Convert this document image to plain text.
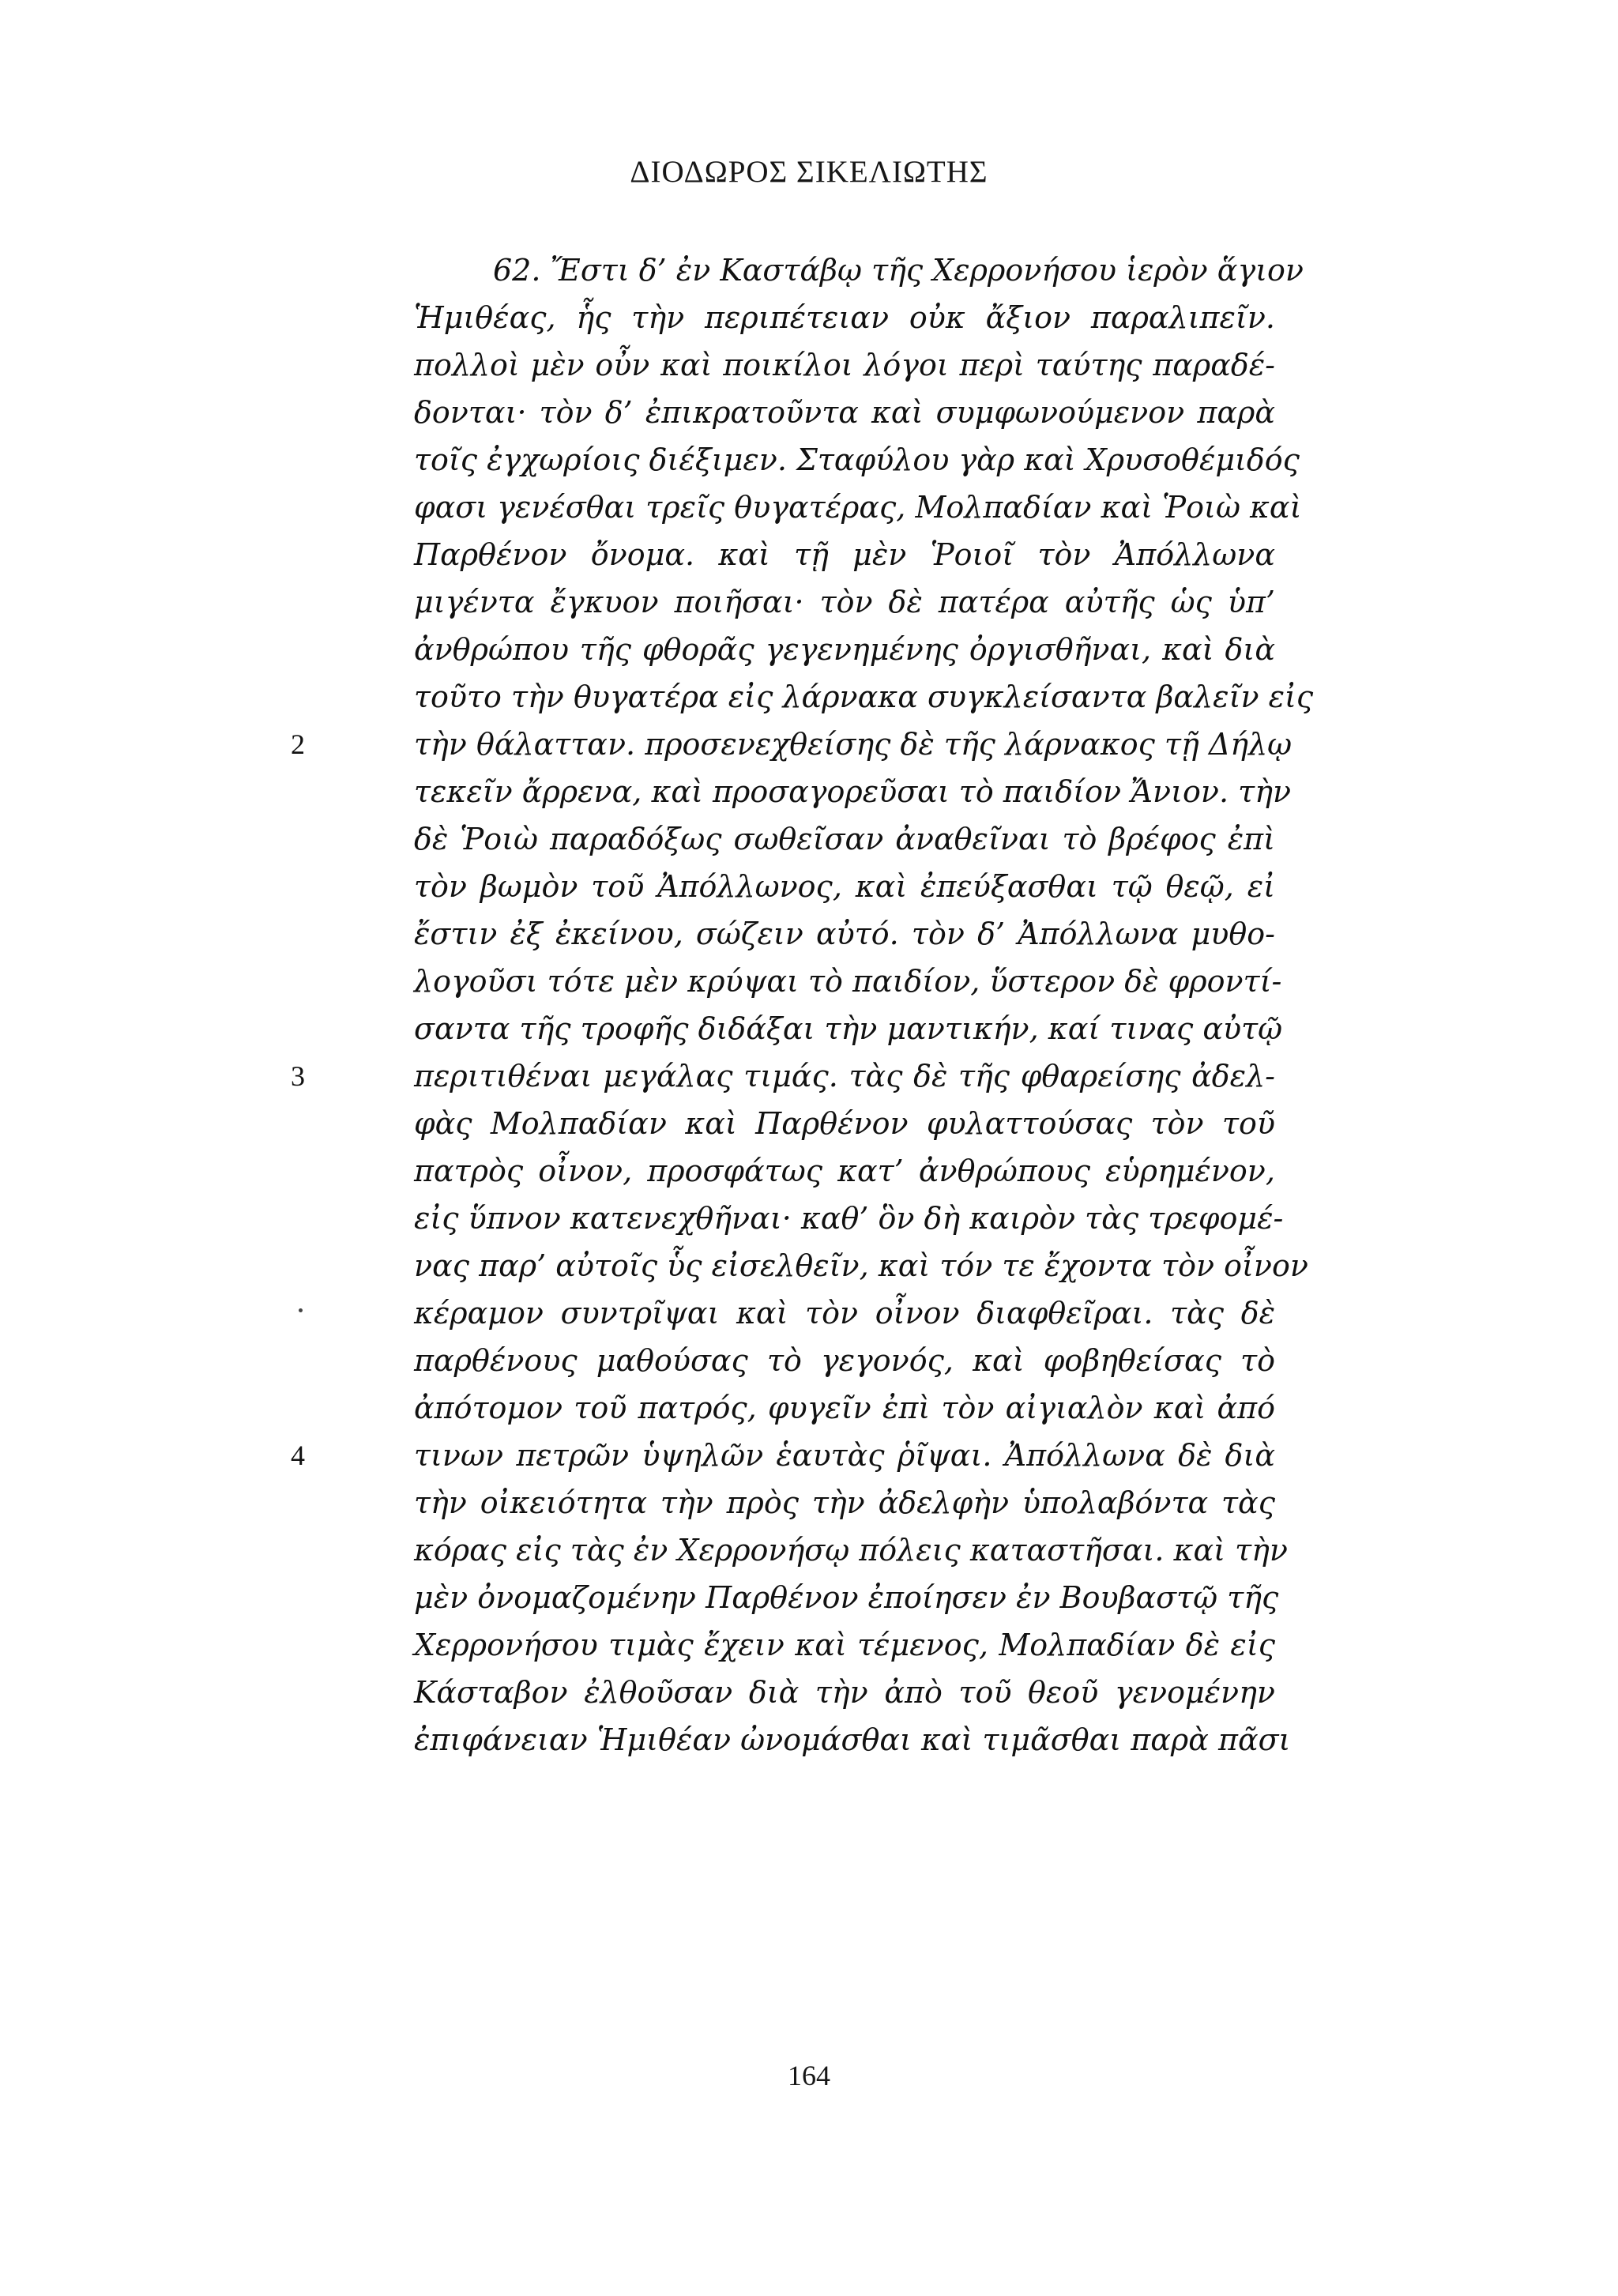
ΔΙΟΔΩΡΟΣ ΣΙΚΕΛΙΩΤΗΣ
62. Ἔστι δ’ ἐν Καστάβῳ τῆς Χερρονήσου ἱερὸν ἅγιον
Ἡμιθέας, ἧς τὴν περιπέτειαν οὐκ ἄξιον παραλιπεῖν.
πολλοὶ μὲν οὖν καὶ ποικίλοι λόγοι περὶ ταύτης παραδέ-
δονται· τὸν δ’ ἐπικρατοῦντα καὶ συμφωνούμενον παρὰ
τοῖς ἐγχωρίοις διέξιμεν. Σταφύλου γὰρ καὶ Χρυσοθέμιδός
φασι γενέσθαι τρεῖς θυγατέρας, Μολπαδίαν καὶ Ῥοιὼ καὶ
Παρθένον ὄνομα. καὶ τῇ μὲν Ῥοιοῖ τὸν Ἀπόλλωνα
μιγέντα ἔγκυον ποιῆσαι· τὸν δὲ πατέρα αὐτῆς ὡς ὑπ’
ἀνθρώπου τῆς φθορᾶς γεγενημένης ὀργισθῆναι, καὶ διὰ
τοῦτο τὴν θυγατέρα εἰς λάρνακα συγκλείσαντα βαλεῖν εἰς
2	τὴν θάλατταν. προσενεχθείσης δὲ τῆς λάρνακος τῇ Δήλῳ
τεκεῖν ἄρρενα, καὶ προσαγορεῦσαι τὸ παιδίον Ἄνιον. τὴν
δὲ Ῥοιὼ παραδόξως σωθεῖσαν ἀναθεῖναι τὸ βρέφος ἐπὶ
τὸν βωμὸν τοῦ Ἀπόλλωνος, καὶ ἐπεύξασθαι τῷ θεῷ, εἰ
ἔστιν ἐξ ἐκείνου, σώζειν αὐτό. τὸν δ’ Ἀπόλλωνα μυθο-
λογοῦσι τότε μὲν κρύψαι τὸ παιδίον, ὕστερον δὲ φροντί-
σαντα τῆς τροφῆς διδάξαι τὴν μαντικήν, καί τινας αὐτῷ
3	περιτιθέναι μεγάλας τιμάς. τὰς δὲ τῆς φθαρείσης ἀδελ-
φὰς Μολπαδίαν καὶ Παρθένον φυλαττούσας τὸν τοῦ
πατρὸς οἶνον, προσφάτως κατ’ ἀνθρώπους εὑρημένον,
εἰς ὕπνον κατενεχθῆναι· καθ’ ὃν δὴ καιρὸν τὰς τρεφομέ-
νας παρ’ αὐτοῖς ὗς εἰσελθεῖν, καὶ τόν τε ἔχοντα τὸν οἶνον
κέραμον συντρῖψαι καὶ τὸν οἶνον διαφθεῖραι. τὰς δὲ
παρθένους μαθούσας τὸ γεγονός, καὶ φοβηθείσας τὸ
ἀπότομον τοῦ πατρός, φυγεῖν ἐπὶ τὸν αἰγιαλὸν καὶ ἀπό
4	τινων πετρῶν ὑψηλῶν ἑαυτὰς ῥῖψαι. Ἀπόλλωνα δὲ διὰ
τὴν οἰκειότητα τὴν πρὸς τὴν ἀδελφὴν ὑπολαβόντα τὰς
κόρας εἰς τὰς ἐν Χερρονήσῳ πόλεις καταστῆσαι. καὶ τὴν
μὲν ὀνομαζομένην Παρθένον ἐποίησεν ἐν Βουβαστῷ τῆς
Χερρονήσου τιμὰς ἔχειν καὶ τέμενος, Μολπαδίαν δὲ εἰς
Κάσταβον ἐλθοῦσαν διὰ τὴν ἀπὸ τοῦ θεοῦ γενομένην
ἐπιφάνειαν Ἡμιθέαν ὠνομάσθαι καὶ τιμᾶσθαι παρὰ πᾶσι
164
